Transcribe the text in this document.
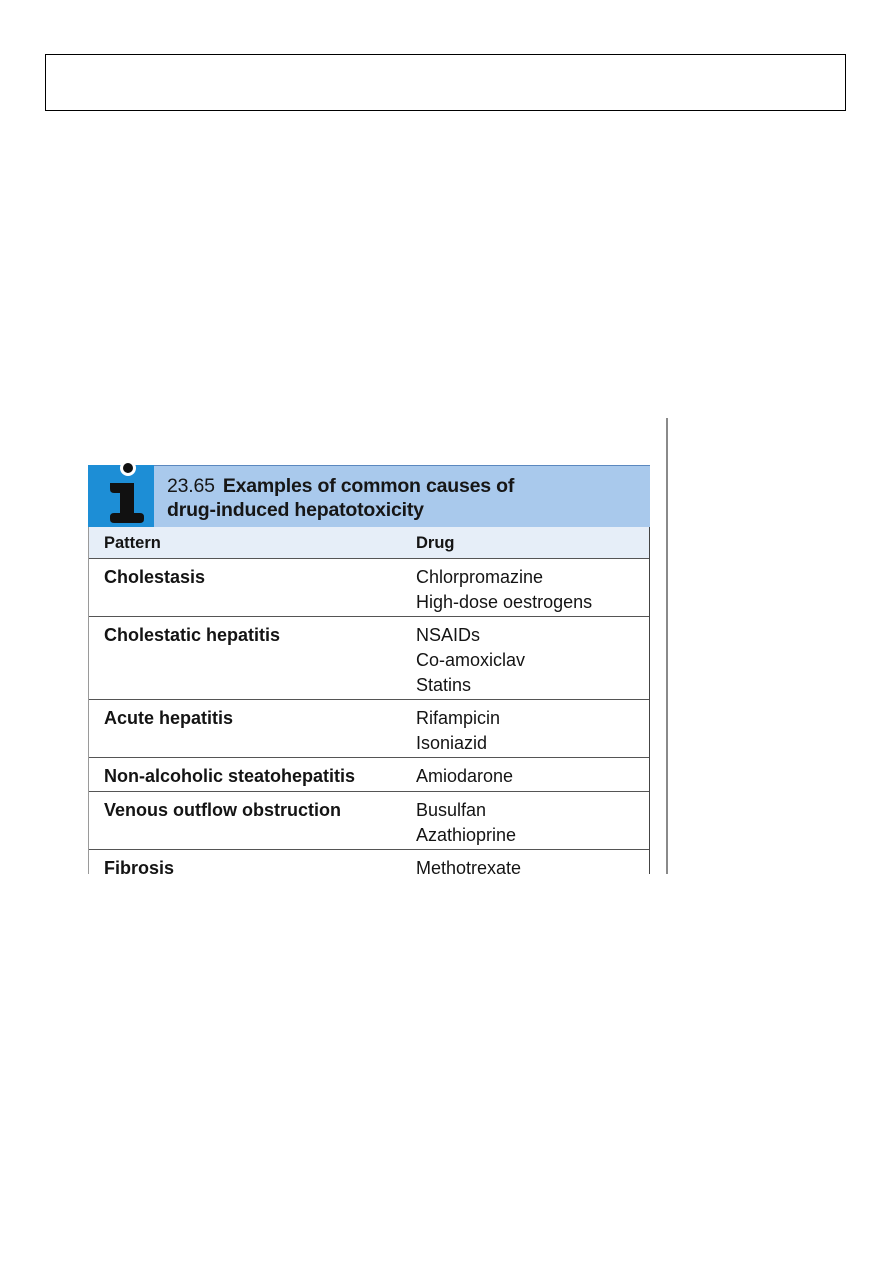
23.65 Examples of common causes of
drug-induced hepatotoxicity
Pattern	Drug
Cholestasis	Chlorpromazine
High-dose oestrogens
Cholestatic hepatitis	NSAIDs
Co-amoxiclav
Statins
Acute hepatitis	Rifampicin
Isoniazid
Non-alcoholic steatohepatitis	Amiodarone
Venous outflow obstruction	Busulfan
Azathioprine
Fibrosis	Methotrexate
